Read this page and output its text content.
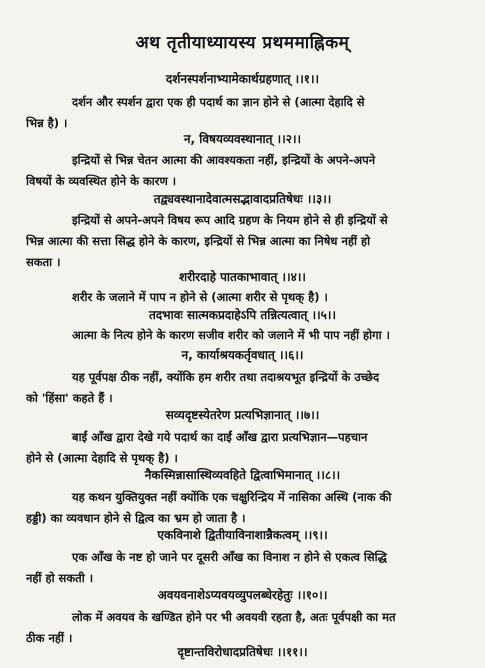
अथ तृतीयाध्यायस्य प्रथममाह्निकम्
दर्शनस्पर्शनाभ्यामेकार्थग्रहणात् ।।१।।
दर्शन और स्पर्शन द्वारा एक ही पदार्थ का ज्ञान होने से (आत्मा देहादि से
भिन्न है) ।
न, विषयव्यवस्थानात् ।।२।।
इन्द्रियों से भिन्न चेतन आत्मा की आवश्यकता नहीं, इन्द्रियों के अपने-अपने
विषयों के व्यवस्थित होने के कारण ।
तद्व्यवस्थानादेवात्मसद्भावादप्रतिषेधः ।।३।।
इन्द्रियों से अपने-अपने विषय रूप आदि ग्रहण के नियम होने से ही इन्द्रियों से
भिन्न आत्मा की सत्ता सिद्ध होने के कारण, इन्द्रियों से भिन्न आत्मा का निषेध नहीं हो
सकता ।
शरीरदाहे पातकाभावात् ।।४।।
शरीर के जलाने में पाप न होने से (आत्मा शरीर से पृथक् है) ।
तदभावः सात्मकप्रदाहेऽपि तन्नित्यत्वात् ।।५।।
आत्मा के नित्य होने के कारण सजीव शरीर को जलाने में भी पाप नहीं होगा ।
न, कार्याश्रयकर्तृवधात् ।।६।।
यह पूर्वपक्ष ठीक नहीं, क्योंकि हम शरीर तथा तदाश्रयभूत इन्द्रियों के उच्छेद
को 'हिंसा' कहते हैं ।
सव्यदृष्टस्येतरेण प्रत्यभिज्ञानात् ।।७।।
बाईं आँख द्वारा देखे गये पदार्थ का दाईं आँख द्वारा प्रत्यभिज्ञान—पहचान
होने से (आत्मा देहादि से पृथक् है) ।
नैकस्मिन्नासास्थिव्यवहिते द्वित्वाभिमानात् ।।८।।
यह कथन युक्तियुक्त नहीं क्योंकि एक चक्षुरिन्द्रिय में नासिका अस्थि (नाक की
हड्डी) का व्यवधान होने से द्वित्व का भ्रम हो जाता है ।
एकविनाशे द्वितीयाविनाशान्नैकत्वम् ।।९।।
एक आँख के नष्ट हो जाने पर दूसरी आँख का विनाश न होने से एकत्व सिद्धि
नहीं हो सकती ।
अवयवनाशेऽप्यवयव्युपलब्धेरहेतुः ।।१०।।
लोक में अवयव के खण्डित होने पर भी अवयवी रहता है, अतः पूर्वपक्षी का मत
ठीक नहीं ।
दृष्टान्तविरोधादप्रतिषेधः ।।११।।
